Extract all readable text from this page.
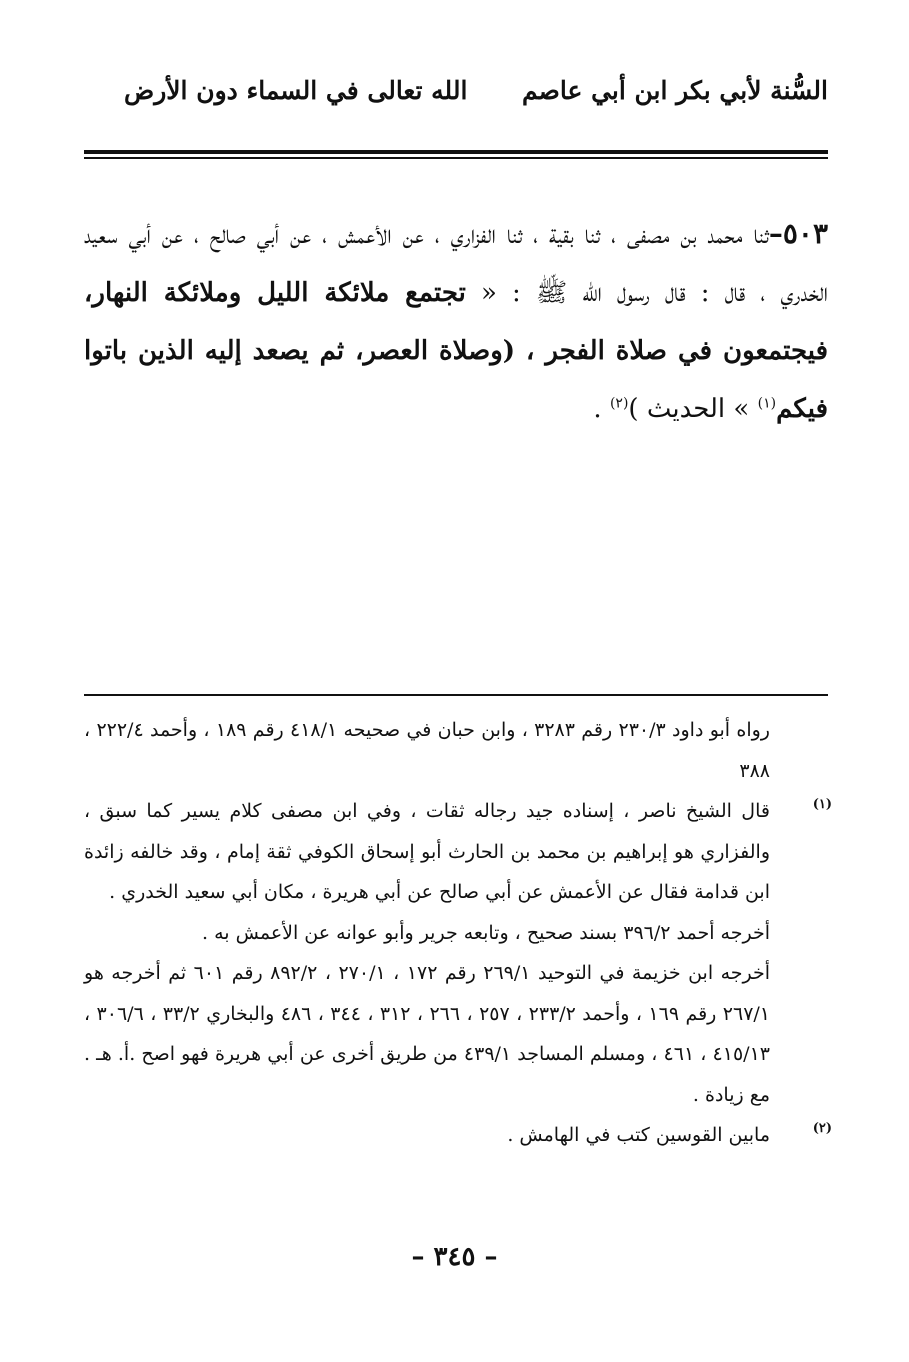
السُّنة لأبي بكر ابن أبي عاصم
الله تعالى في السماء دون الأرض
٥٠٣–ثنا محمد بن مصفى ، ثنا بقية ، ثنا الفزاري ، عن الأعمش ، عن أبي صالح ، عن أبي سعيد الخدري ، قال : قال رسول الله ﷺ : « تجتمع ملائكة الليل وملائكة النهار، فيجتمعون في صلاة الفجر ، (وصلاة العصر، ثم يصعد إليه الذين باتوا فيكم$^{(١)}$ » الحديث )$^{(٢)}$ .

رواه أبو داود ٢٣٠/٣ رقم ٣٢٨٣ ، وابن حبان في صحيحه ٤١٨/١ رقم ١٨٩ ، وأحمد ٢٢٢/٤ ، ٣٨٨

(١)

قال الشيخ ناصر ، إسناده جيد رجاله ثقات ، وفي ابن مصفى كلام يسير كما سبق ، والفزاري هو إبراهيم بن محمد بن الحارث أبو إسحاق الكوفي ثقة إمام ، وقد خالفه زائدة ابن قدامة فقال عن الأعمش عن أبي صالح عن أبي هريرة ، مكان أبي سعيد الخدري .

أخرجه أحمد ٣٩٦/٢ بسند صحيح ، وتابعه جرير وأبو عوانه عن الأعمش به .

أخرجه ابن خزيمة في التوحيد ٢٦٩/١ رقم ١٧٢ ، ٢٧٠/١ ، ٨٩٢/٢ رقم ٦٠١ ثم أخرجه هو ٢٦٧/١ رقم ١٦٩ ، وأحمد ٢٣٣/٢ ، ٢٥٧ ، ٢٦٦ ، ٣١٢ ، ٣٤٤ ، ٤٨٦ والبخاري ٣٣/٢ ، ٣٠٦/٦ ، ٤١٥/١٣ ، ٤٦١ ، ومسلم المساجد ٤٣٩/١ من طريق أخرى عن أبي هريرة فهو اصح .أ. هـ . مع زيادة .

(٢)

مابين القوسين كتب في الهامش .

– ٣٤٥ –
